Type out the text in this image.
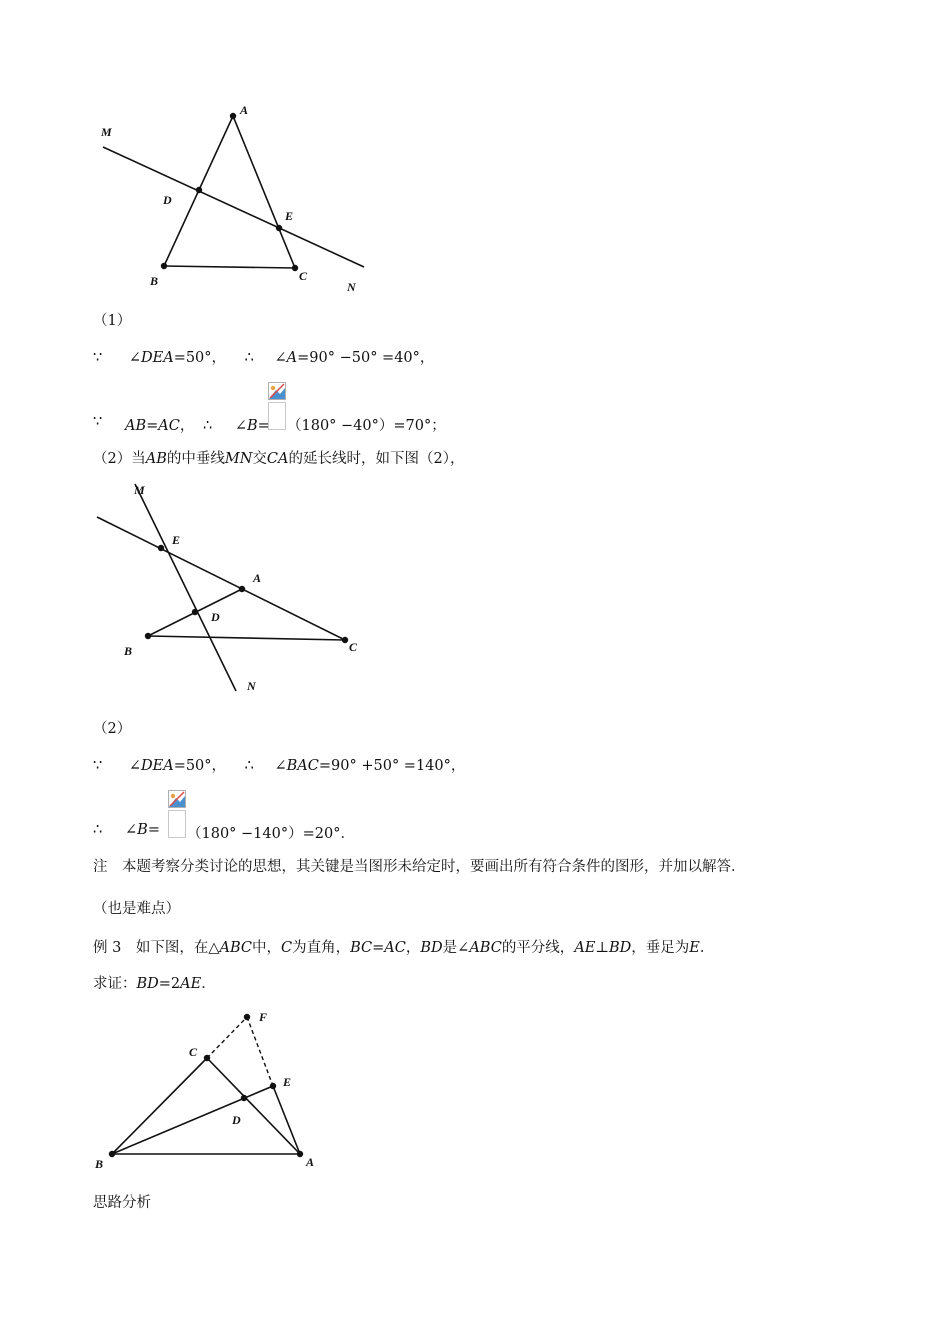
M
A
D
E
B	C
N
（1）
∵ ∠DEA=50°， ∴ ∠A=90° −50° =40°，
∵ AB=AC， ∴ ∠B= （180° −40°）=70°；
（2）当AB的中垂线MN交CA的延长线时，如下图（2），
M
E
A
D
B	C
N
（2）
∵ ∠DEA=50°， ∴ ∠BAC=90° +50° =140°，
∴ ∠B= （180° −140°）=20°．
注　本题考察分类讨论的思想，其关键是当图形未给定时，要画出所有符合条件的图形，并加以解答．
（也是难点）
例 3　如下图，在△ABC中，C为直角，BC=AC，BD是∠ABC的平分线，AE⊥BD，垂足为E．
求证：BD=2AE．
F
C
E
D
B	A
思路分析
